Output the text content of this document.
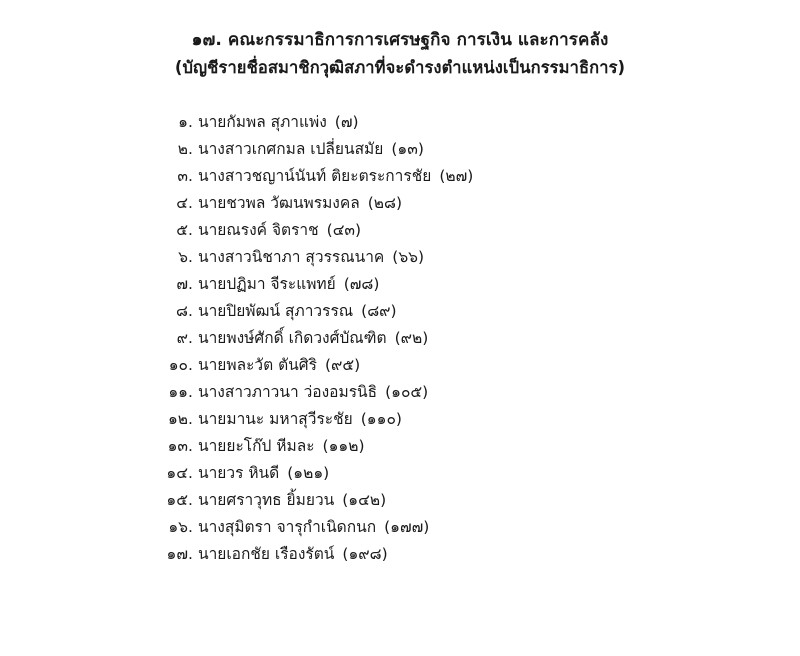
๑๗. คณะกรรมาธิการการเศรษฐกิจ การเงิน และการคลัง
(บัญชีรายชื่อสมาชิกวุฒิสภาที่จะดำรงตำแหน่งเป็นกรรมาธิการ)
๑ . นายกัมพล สุภาแพ่ง (๗)
๒ . นางสาวเกศกมล เปลี่ยนสมัย (๑๓)
๓ . นางสาวชญาน์นันท์ ติยะตระการชัย (๒๗)
๔ . นายชวพล วัฒนพรมงคล (๒๘)
๕ . นายณรงค์ จิตราช (๔๓)
๖ . นางสาวนิชาภา สุวรรณนาค (๖๖)
๗ . นายปฏิมา จีระแพทย์ (๗๘)
๘ . นายปิยพัฒน์ สุภาวรรณ (๘๙)
๙ . นายพงษ์ศักดิ์ เกิดวงศ์บัณฑิต (๙๒)
๑๐ . นายพละวัต ตันศิริ (๙๕)
๑๑ . นางสาวภาวนา ว่องอมรนิธิ (๑๐๕)
๑๒ . นายมานะ มหาสุวีระชัย (๑๑๐)
๑๓ . นายยะโก๊ป หีมละ (๑๑๒)
๑๔ . นายวร หินดี (๑๒๑)
๑๕ . นายศราวุทธ ยิ้มยวน (๑๔๒)
๑๖ . นางสุมิตรา จารุกำเนิดกนก (๑๗๗)
๑๗ . นายเอกชัย เรืองรัตน์ (๑๙๘)
